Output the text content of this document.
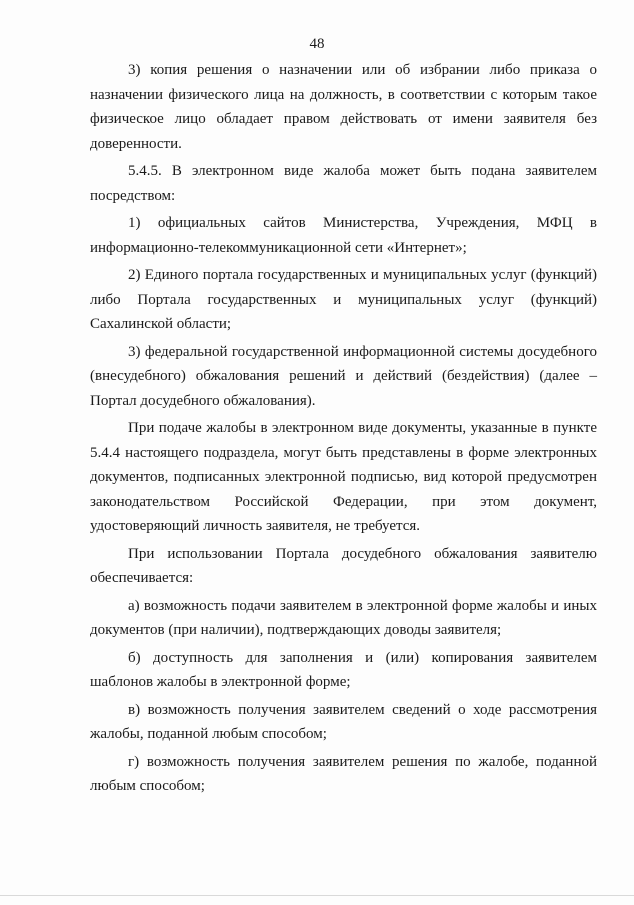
48

3) копия решения о назначении или об избрании либо приказа о назначении физического лица на должность, в соответствии с которым такое физическое лицо обладает правом действовать от имени заявителя без доверенности.

5.4.5. В электронном виде жалоба может быть подана заявителем посредством:

1) официальных сайтов Министерства, Учреждения, МФЦ в информационно-телекоммуникационной сети «Интернет»;

2) Единого портала государственных и муниципальных услуг (функций) либо Портала государственных и муниципальных услуг (функций) Сахалинской области;

3) федеральной государственной информационной системы досудебного (внесудебного) обжалования решений и действий (бездействия) (далее – Портал досудебного обжалования).

При подаче жалобы в электронном виде документы, указанные в пункте 5.4.4 настоящего подраздела, могут быть представлены в форме электронных документов, подписанных электронной подписью, вид которой предусмотрен законодательством Российской Федерации, при этом документ, удостоверяющий личность заявителя, не требуется.

При использовании Портала досудебного обжалования заявителю обеспечивается:

а) возможность подачи заявителем в электронной форме жалобы и иных документов (при наличии), подтверждающих доводы заявителя;

б) доступность для заполнения и (или) копирования заявителем шаблонов жалобы в электронной форме;

в) возможность получения заявителем сведений о ходе рассмотрения жалобы, поданной любым способом;

г) возможность получения заявителем решения по жалобе, поданной любым способом;
